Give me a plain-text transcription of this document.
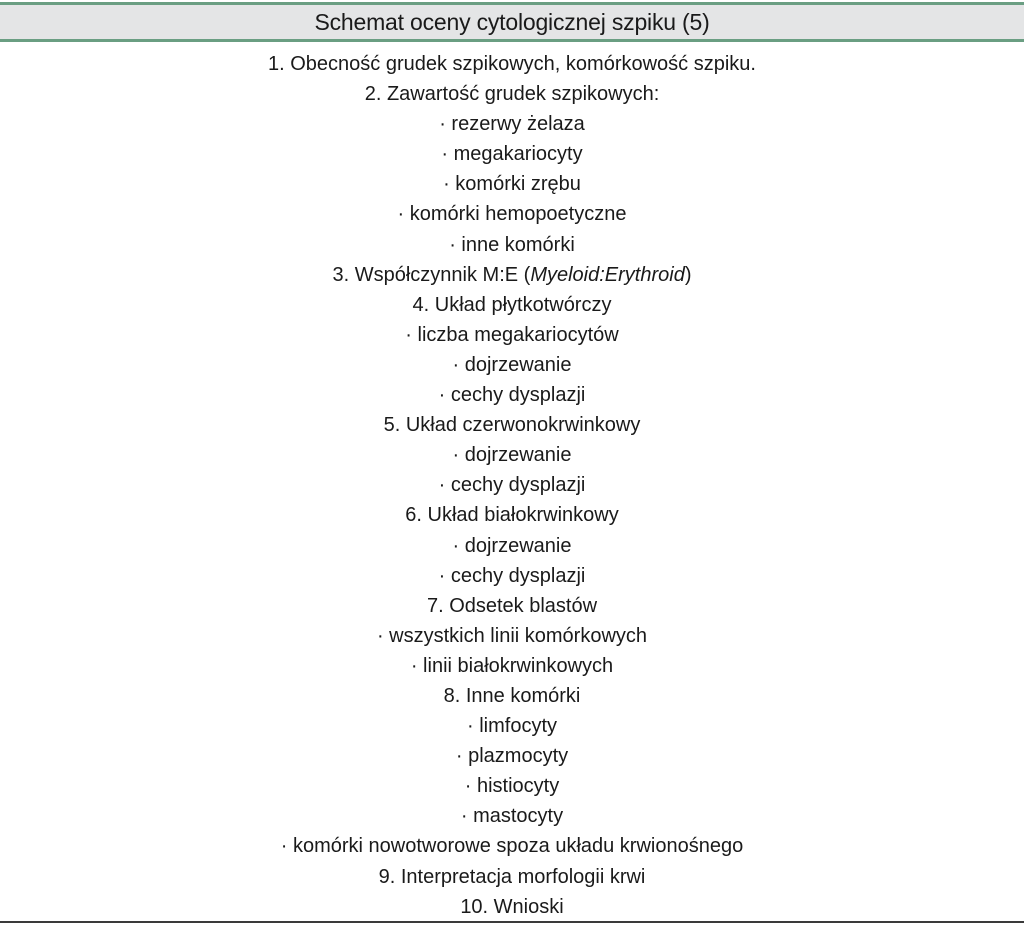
Schemat oceny cytologicznej szpiku (5)
1. Obecność grudek szpikowych, komórkowość szpiku.
2. Zawartość grudek szpikowych:
· rezerwy żelaza
· megakariocyty
· komórki zrębu
· komórki hemopoetyczne
· inne komórki
3. Współczynnik M:E (Myeloid:Erythroid)
4. Układ płytkotwórczy
· liczba megakariocytów
· dojrzewanie
· cechy dysplazji
5. Układ czerwonokrwinkowy
· dojrzewanie
· cechy dysplazji
6. Układ białokrwinkowy
· dojrzewanie
· cechy dysplazji
7. Odsetek blastów
· wszystkich linii komórkowych
· linii białokrwinkowych
8. Inne komórki
· limfocyty
· plazmocyty
· histiocyty
· mastocyty
· komórki nowotworowe spoza układu krwionośnego
9. Interpretacja morfologii krwi
10. Wnioski
